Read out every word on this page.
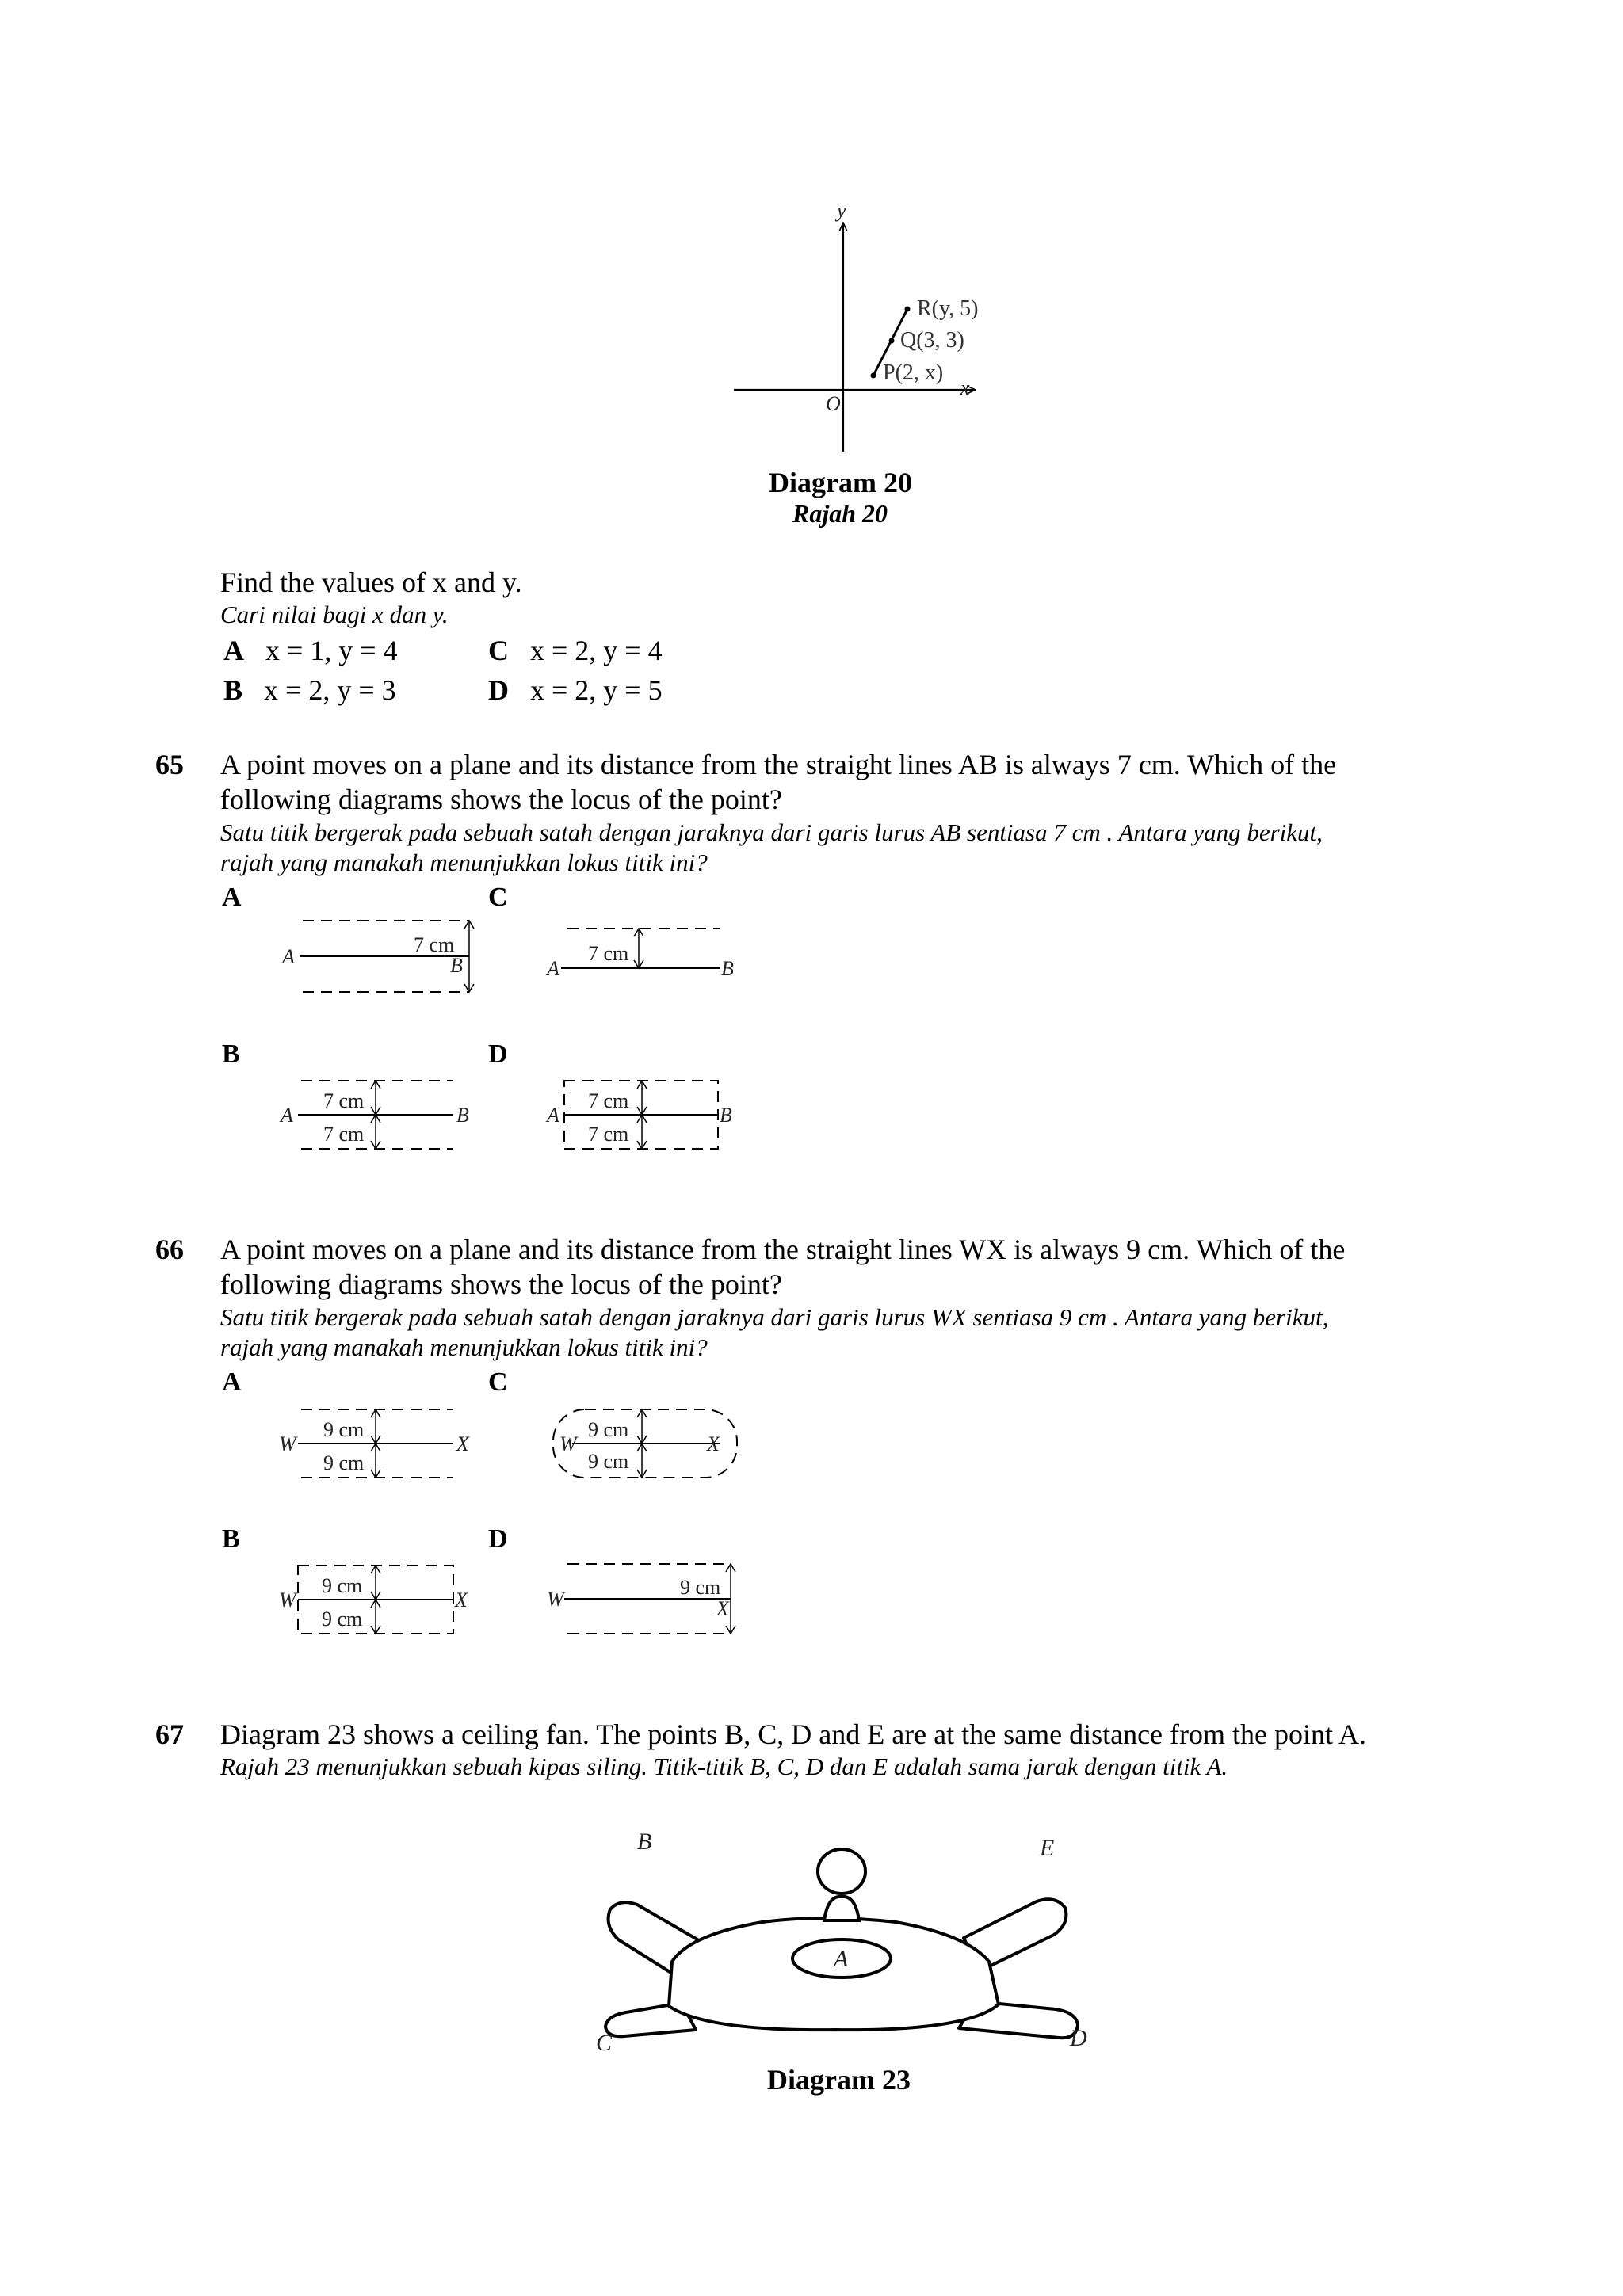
y
x
O
R(y, 5)
Q(3, 3)
P(2, x)
Diagram 20
Rajah 20
Find the values of x and y.
Cari nilai bagi x dan y.
A x = 1, y = 4	C x = 2, y = 4
B x = 2, y = 3	D x = 2, y = 5
65 A point moves on a plane and its distance from the straight lines AB is always 7 cm. Which of the
following diagrams shows the locus of the point?
Satu titik bergerak pada sebuah satah dengan jaraknya dari garis lurus AB sentiasa 7 cm . Antara yang berikut,
rajah yang manakah menunjukkan lokus titik ini?
A	C
B	D
A	B
7 cm
A	B
7 cm
A	B
7 cm
7 cm
A	B
7 cm
7 cm
66 A point moves on a plane and its distance from the straight lines WX is always 9 cm. Which of the
following diagrams shows the locus of the point?
Satu titik bergerak pada sebuah satah dengan jaraknya dari garis lurus WX sentiasa 9 cm . Antara yang berikut,
rajah yang manakah menunjukkan lokus titik ini?
A	C
B	D
W	X
9 cm
9 cm
W	X
9 cm
9 cm
W	X
9 cm
9 cm
W	X
9 cm
67 Diagram 23 shows a ceiling fan. The points B, C, D and E are at the same distance from the point A.
Rajah 23 menunjukkan sebuah kipas siling. Titik-titik B, C, D dan E adalah sama jarak dengan titik A.
B	E
C	D
A
Diagram 23
